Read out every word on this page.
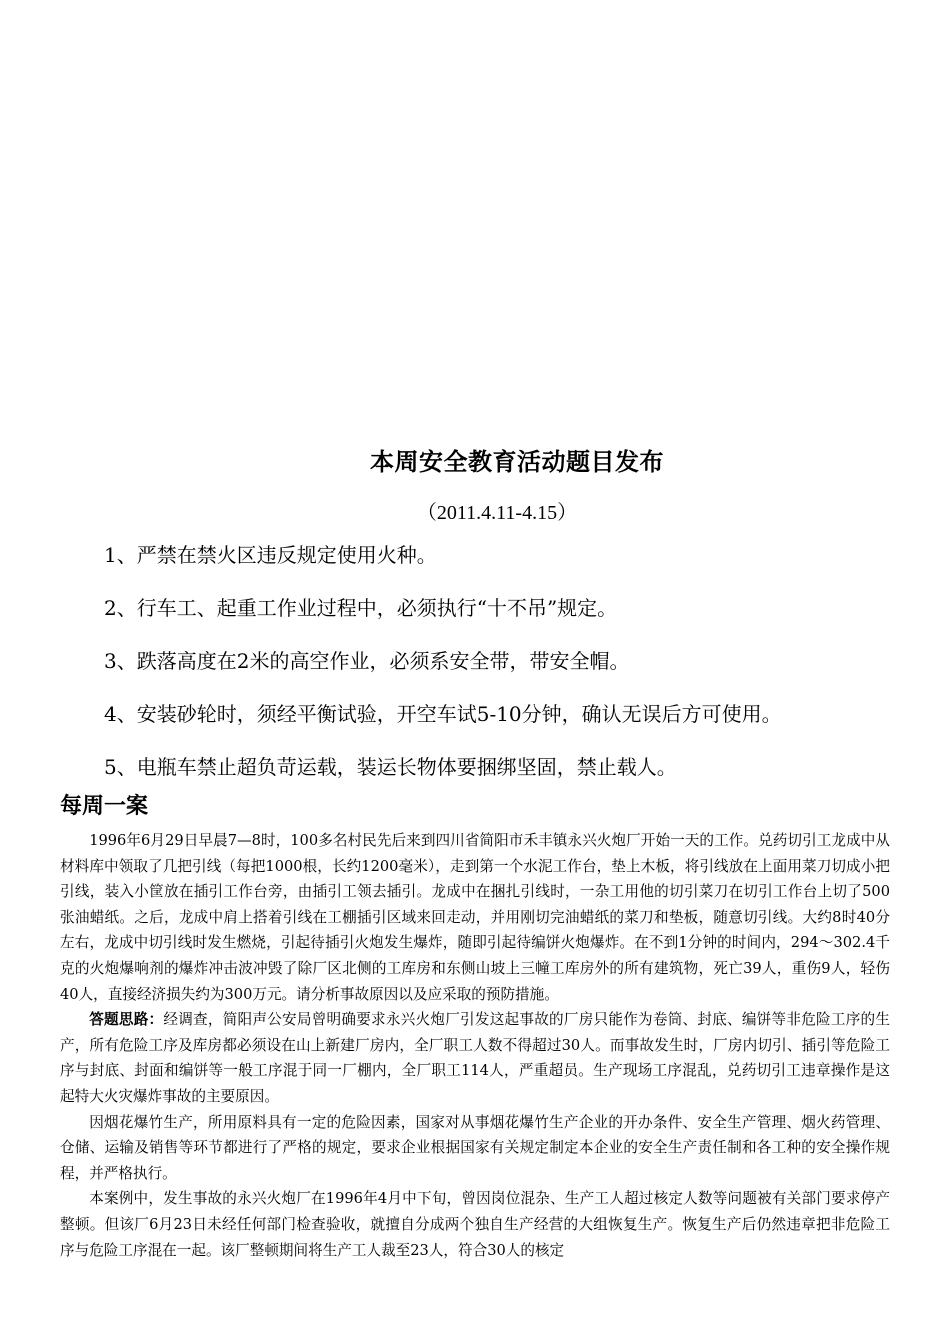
本周安全教育活动题目发布
（2011.4.11-4.15）
1、严禁在禁火区违反规定使用火种。
2、行车工、起重工作业过程中，必须执行“十不吊”规定。
3、跌落高度在2米的高空作业，必须系安全带，带安全帽。
4、安装砂轮时，须经平衡试验，开空车试5-10分钟，确认无误后方可使用。
5、电瓶车禁止超负苛运载，装运长物体要捆绑坚固，禁止载人。
每周一案

1996年6月29日早晨7—8时，100多名村民先后来到四川省简阳市禾丰镇永兴火炮厂开始一天的工作。兑药切引工龙成中从材料库中领取了几把引线（每把1000根，长约1200毫米），走到第一个水泥工作台，垫上木板，将引线放在上面用菜刀切成小把引线，装入小筐放在插引工作台旁，由插引工领去插引。龙成中在捆扎引线时，一杂工用他的切引菜刀在切引工作台上切了500张油蜡纸。之后，龙成中肩上搭着引线在工棚插引区域来回走动，并用刚切完油蜡纸的菜刀和垫板，随意切引线。大约8时40分左右，龙成中切引线时发生燃烧，引起待插引火炮发生爆炸，随即引起待编饼火炮爆炸。在不到1分钟的时间内，294～302.4千克的火炮爆响剂的爆炸冲击波冲毁了除厂区北侧的工库房和东侧山坡上三幢工库房外的所有建筑物，死亡39人，重伤9人，轻伤40人，直接经济损失约为300万元。请分析事故原因以及应采取的预防措施。

答题思路：经调查，简阳声公安局曾明确要求永兴火炮厂引发这起事故的厂房只能作为卷筒、封底、编饼等非危险工序的生产，所有危险工序及库房都必须设在山上新建厂房内，全厂职工人数不得超过30人。而事故发生时，厂房内切引、插引等危险工序与封底、封面和编饼等一般工序混于同一厂棚内，全厂职工114人，严重超员。生产现场工序混乱，兑药切引工违章操作是这起特大火灾爆炸事故的主要原因。

因烟花爆竹生产，所用原料具有一定的危险因素，国家对从事烟花爆竹生产企业的开办条件、安全生产管理、烟火药管理、仓储、运输及销售等环节都进行了严格的规定，要求企业根据国家有关规定制定本企业的安全生产责任制和各工种的安全操作规程，并严格执行。

本案例中，发生事故的永兴火炮厂在1996年4月中下旬，曾因岗位混杂、生产工人超过核定人数等问题被有关部门要求停产整顿。但该厂6月23日未经任何部门检查验收，就擅自分成两个独自生产经营的大组恢复生产。恢复生产后仍然违章把非危险工序与危险工序混在一起。该厂整顿期间将生产工人裁至23人，符合30人的核定
